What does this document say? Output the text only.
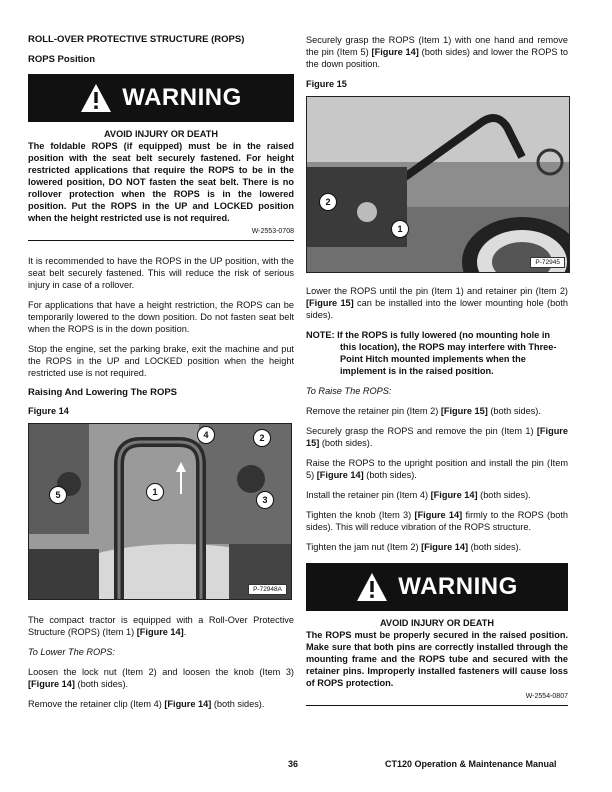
ROLL-OVER PROTECTIVE STRUCTURE (ROPS)
ROPS Position
WARNING

AVOID INJURY OR DEATH

The foldable ROPS (if equipped) must be in the raised position with the seat belt securely fastened. For height restricted applications that require the ROPS to be in the lowered position, DO NOT fasten the seat belt. There is no rollover protection when the ROPS is in the lowered position. Put the ROPS in the UP and LOCKED position when the height restricted use is not required.

W-2553-0708

It is recommended to have the ROPS in the UP position, with the seat belt securely fastened. This will reduce the risk of serious injury in case of a rollover.

For applications that have a height restriction, the ROPS can be temporarily lowered to the down position. Do not fasten seat belt when the ROPS is in the down position.

Stop the engine, set the parking brake, exit the machine and put the ROPS in the UP and LOCKED position when the height restricted use is not required.

Raising And Lowering The ROPS
Figure 14
4	2
1
5	3
P-72948A

The compact tractor is equipped with a Roll-Over Protective Structure (ROPS) (Item 1) [Figure 14].

To Lower The ROPS:

Loosen the lock nut (Item 2) and loosen the knob (Item 3) [Figure 14] (both sides).

Remove the retainer clip (Item 4) [Figure 14] (both sides).

Securely grasp the ROPS (Item 1) with one hand and remove the pin (Item 5) [Figure 14] (both sides) and lower the ROPS to the down position.

Figure 15
2
1
P-72945

Lower the ROPS until the pin (Item 1) and retainer pin (Item 2) [Figure 15] can be installed into the lower mounting hole (both sides).

NOTE: If the ROPS is fully lowered (no mounting hole in this location), the ROPS may interfere with Three-Point Hitch mounted implements when the implement is in the raised position.

To Raise The ROPS:

Remove the retainer pin (Item 2) [Figure 15] (both sides).

Securely grasp the ROPS and remove the pin (Item 1) [Figure 15] (both sides).

Raise the ROPS to the upright position and install the pin (Item 5) [Figure 14] (both sides).

Install the retainer pin (Item 4) [Figure 14] (both sides).

Tighten the knob (Item 3) [Figure 14] firmly to the ROPS (both sides). This will reduce vibration of the ROPS structure.

Tighten the jam nut (Item 2) [Figure 14] (both sides).

WARNING

AVOID INJURY OR DEATH

The ROPS must be properly secured in the raised position. Make sure that both pins are correctly installed through the mounting frame and the ROPS tube and secured with the retainer pins. Improperly installed fasteners will cause loss of ROPS protection.

W-2554-0807
36	CT120 Operation & Maintenance Manual
